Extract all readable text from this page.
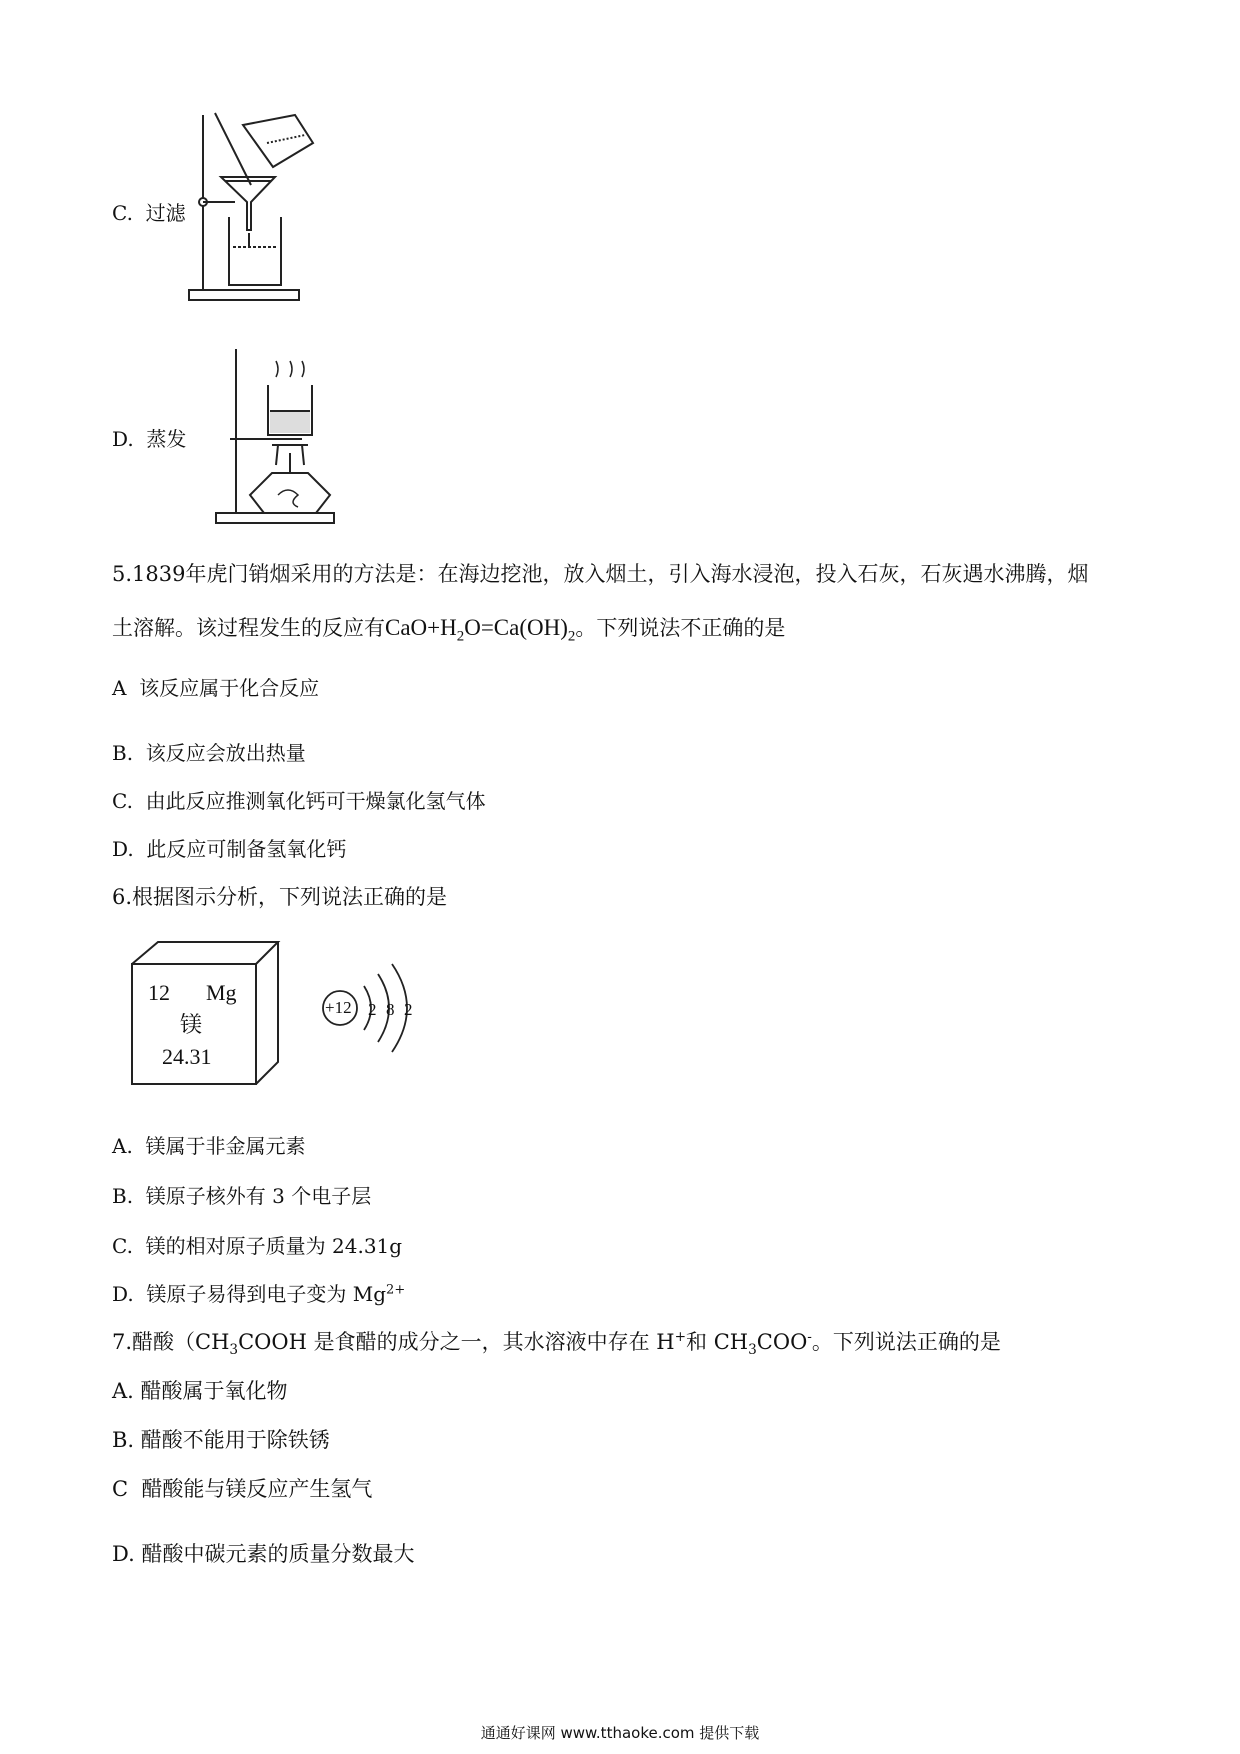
C. 过滤
D. 蒸发
5.1839年虎门销烟采用的方法是：在海边挖池，放入烟土，引入海水浸泡，投入石灰，石灰遇水沸腾，烟
土溶解。该过程发生的反应有$CaO+H_2O=Ca(OH)_2$。下列说法不正确的是
A 该反应属于化合反应
B. 该反应会放出热量
C. 由此反应推测氧化钙可干燥氯化氢气体
D. 此反应可制备氢氧化钙
6.根据图示分析，下列说法正确的是
12 Mg
镁
24.31
+12 2 8 2
A. 镁属于非金属元素
B. 镁原子核外有 3 个电子层
C. 镁的相对原子质量为 24.31g
D. 镁原子易得到电子变为 $Mg^{2+}$
7.醋酸（$CH_3COOH$ 是食醋的成分之一，其水溶液中存在 H+和 $CH_3COO^-$。下列说法正确的是
A. 醋酸属于氧化物
B. 醋酸不能用于除铁锈
C 醋酸能与镁反应产生氢气
D. 醋酸中碳元素的质量分数最大
通通好课网 www.tthaoke.com 提供下载
